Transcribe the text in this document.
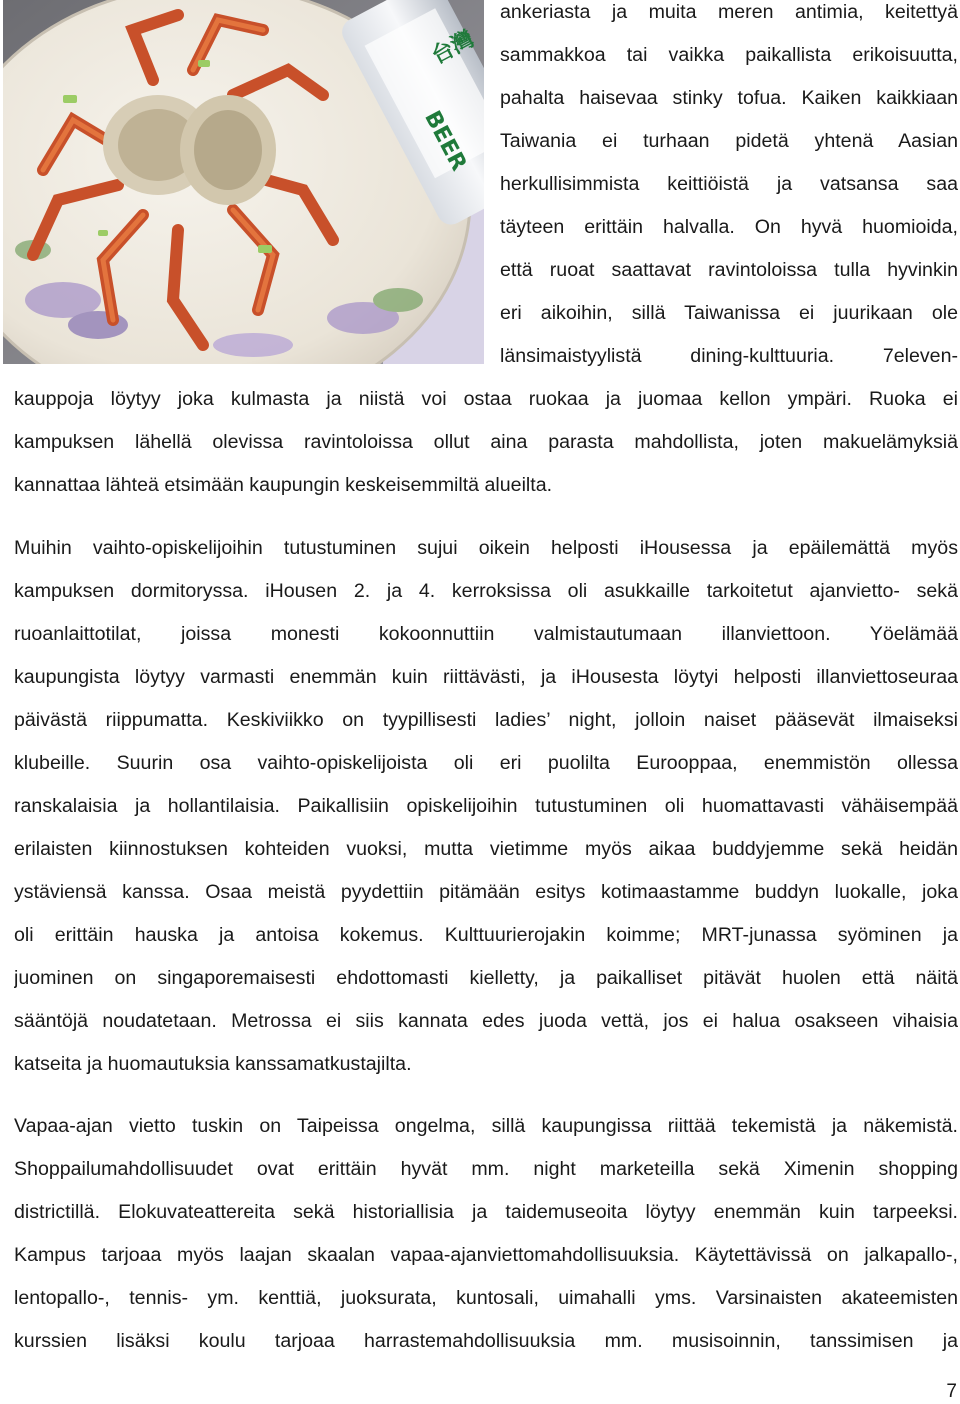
BEER
台灣
ankeriasta ja muita meren antimia, keitettyä
sammakkoa tai vaikka paikallista erikoisuutta,
pahalta haisevaa stinky tofua. Kaiken kaikkiaan
Taiwania ei turhaan pidetä yhtenä Aasian
herkullisimmista keittiöistä ja vatsansa saa
täyteen erittäin halvalla. On hyvä huomioida,
että ruoat saattavat ravintoloissa tulla hyvinkin
eri aikoihin, sillä Taiwanissa ei juurikaan ole
länsimaistyylistä dining-kulttuuria. 7eleven-
kauppoja löytyy joka kulmasta ja niistä voi ostaa ruokaa ja juomaa kellon ympäri. Ruoka ei
kampuksen lähellä olevissa ravintoloissa ollut aina parasta mahdollista, joten makuelämyksiä
kannattaa lähteä etsimään kaupungin keskeisemmiltä alueilta.
Muihin vaihto-opiskelijoihin tutustuminen sujui oikein helposti iHousessa ja epäilemättä myös
kampuksen dormitoryssa. iHousen 2. ja 4. kerroksissa oli asukkaille tarkoitetut ajanvietto- sekä
ruoanlaittotilat, joissa monesti kokoonnuttiin valmistautumaan illanviettoon. Yöelämää
kaupungista löytyy varmasti enemmän kuin riittävästi, ja iHousesta löytyi helposti illanviettoseuraa
päivästä riippumatta. Keskiviikko on tyypillisesti ladies’ night, jolloin naiset pääsevät ilmaiseksi
klubeille. Suurin osa vaihto-opiskelijoista oli eri puolilta Eurooppaa, enemmistön ollessa
ranskalaisia ja hollantilaisia. Paikallisiin opiskelijoihin tutustuminen oli huomattavasti vähäisempää
erilaisten kiinnostuksen kohteiden vuoksi, mutta vietimme myös aikaa buddyjemme sekä heidän
ystäviensä kanssa. Osaa meistä pyydettiin pitämään esitys kotimaastamme buddyn luokalle, joka
oli erittäin hauska ja antoisa kokemus. Kulttuurierojakin koimme; MRT-junassa syöminen ja
juominen on singaporemaisesti ehdottomasti kielletty, ja paikalliset pitävät huolen että näitä
sääntöjä noudatetaan. Metrossa ei siis kannata edes juoda vettä, jos ei halua osakseen vihaisia
katseita ja huomautuksia kanssamatkustajilta.
Vapaa-ajan vietto tuskin on Taipeissa ongelma, sillä kaupungissa riittää tekemistä ja näkemistä.
Shoppailumahdollisuudet ovat erittäin hyvät mm. night marketeilla sekä Ximenin shopping
districtillä. Elokuvateattereita sekä historiallisia ja taidemuseoita löytyy enemmän kuin tarpeeksi.
Kampus tarjoaa myös laajan skaalan vapaa-ajanviettomahdollisuuksia. Käytettävissä on jalkapallo-,
lentopallo-, tennis- ym. kenttiä, juoksurata, kuntosali, uimahalli yms. Varsinaisten akateemisten
kurssien lisäksi koulu tarjoaa harrastemahdollisuuksia mm. musisoinnin, tanssimisen ja
7
